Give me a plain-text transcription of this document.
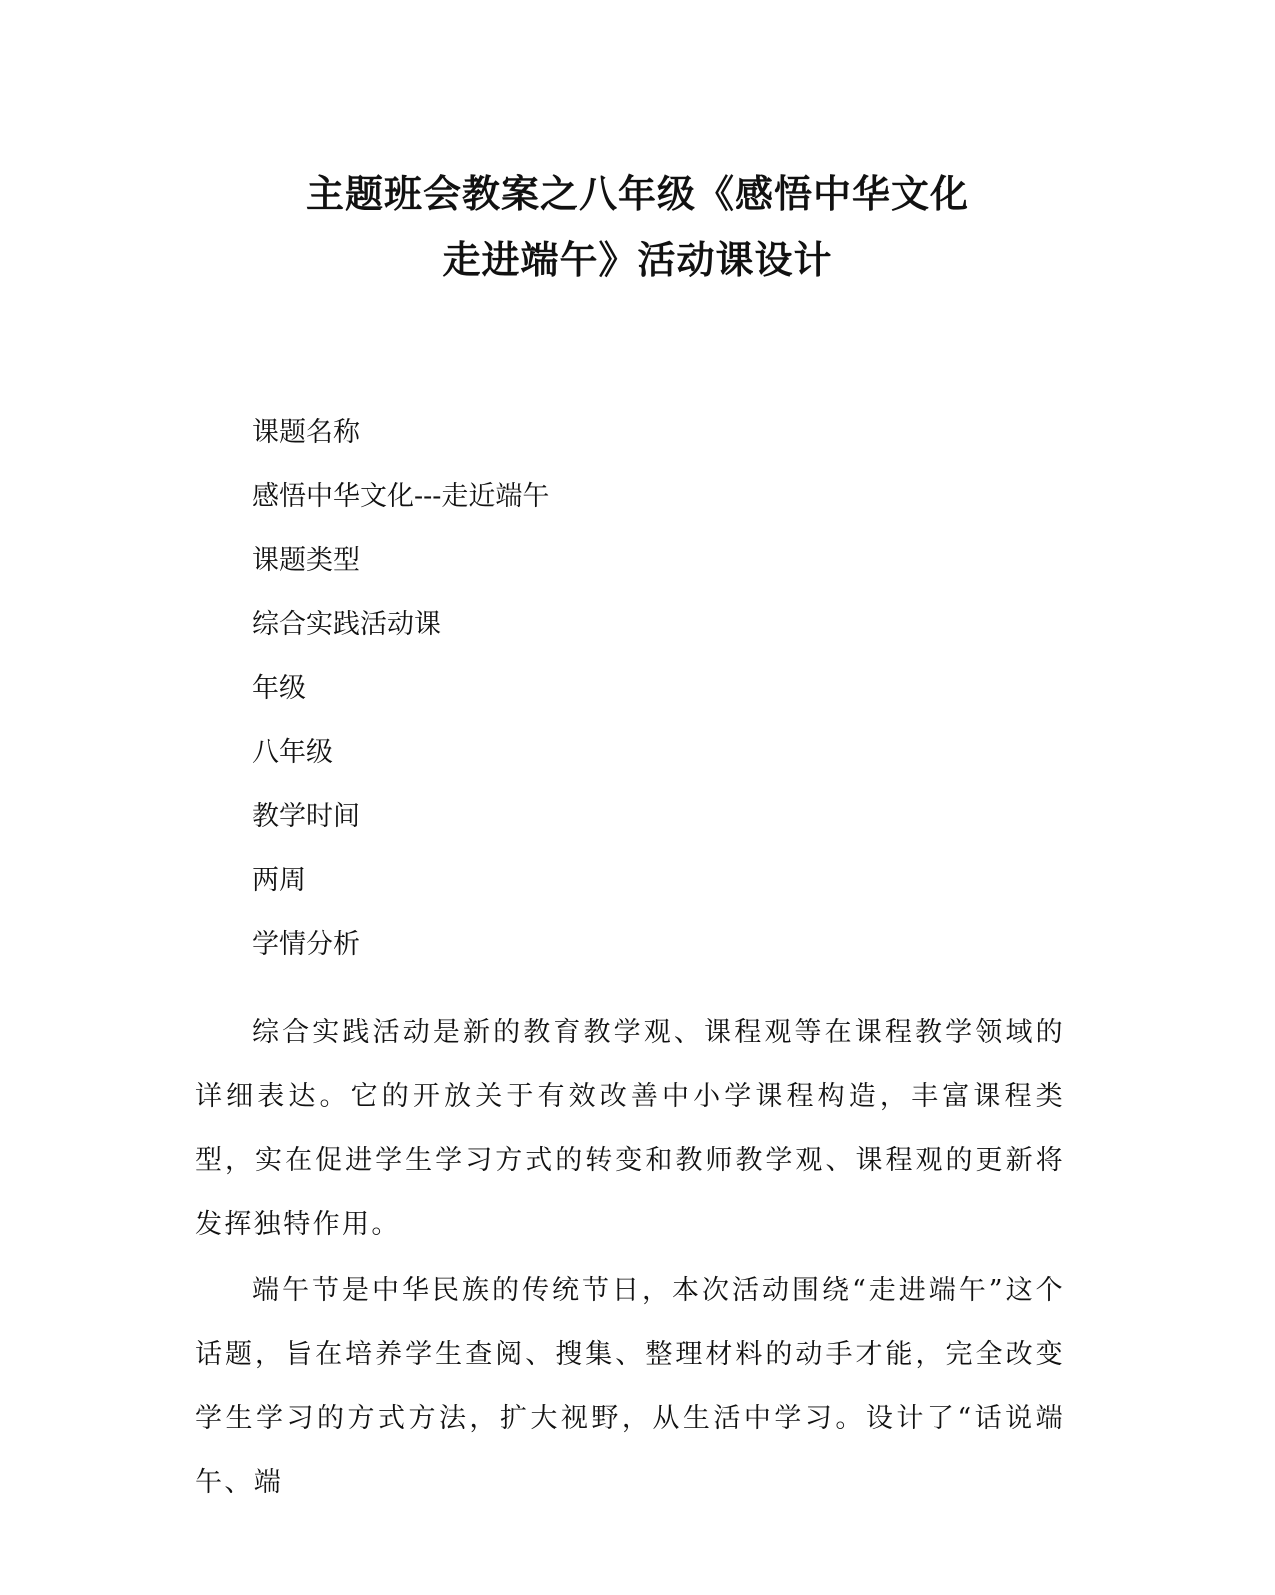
主题班会教案之八年级《感悟中华文化
走进端午》活动课设计
课题名称
感悟中华文化---走近端午
课题类型
综合实践活动课
年级
八年级
教学时间
两周
学情分析

综合实践活动是新的教育教学观、课程观等在课程教学领域的详细表达。它的开放关于有效改善中小学课程构造，丰富课程类型，实在促进学生学习方式的转变和教师教学观、课程观的更新将发挥独特作用。

端午节是中华民族的传统节日，本次活动围绕“走进端午”这个话题，旨在培养学生查阅、搜集、整理材料的动手才能，完全改变学生学习的方式方法，扩大视野，从生活中学习。设计了“话说端午、端
